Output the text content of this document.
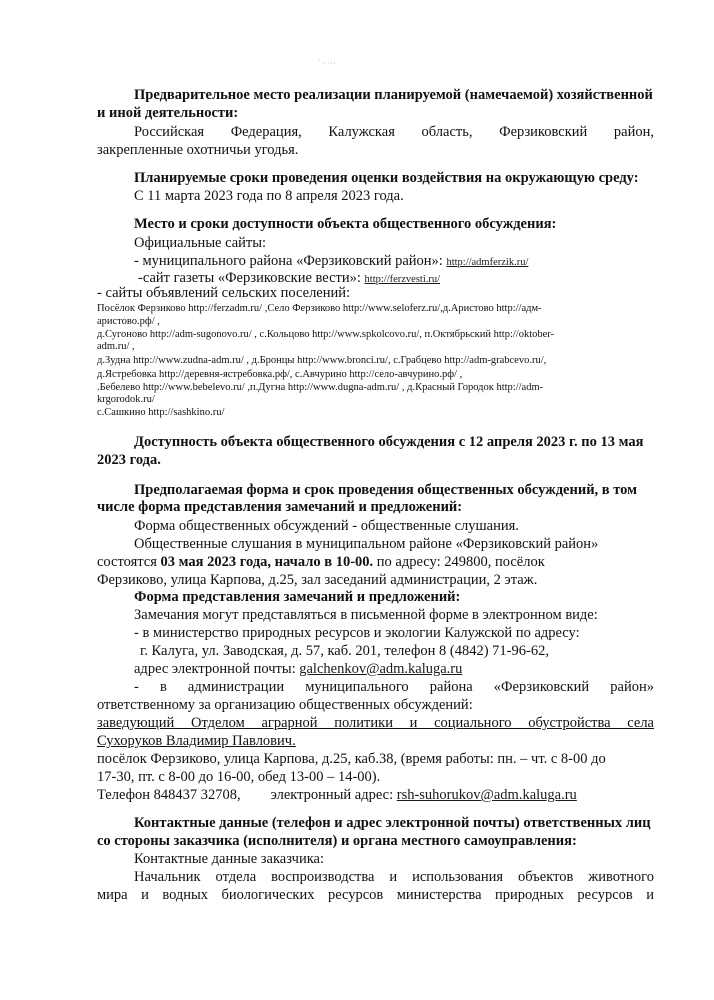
' · ···
Предварительное место реализации планируемой (намечаемой) хозяйственной
и иной деятельности:
Российская Федерация, Калужская область, Ферзиковский район,
закрепленные охотничьи угодья.
Планируемые сроки проведения оценки воздействия на окружающую среду:
С 11 марта 2023 года по 8 апреля 2023 года.
Место и сроки доступности объекта общественного обсуждения:
Официальные сайты:
- муниципального района «Ферзиковский район»: http://admferzik.ru/
-сайт газеты «Ферзиковские вести»: http://ferzvesti.ru/
- сайты объявлений сельских поселений:
Посёлок Ферзиково http://ferzadm.ru/ ,Село Ферзиково http://www.seloferz.ru/,д.Аристово http://адм-
аристово.рф/ ,
д.Сугоново http://adm-sugonovo.ru/ , с.Кольцово http://www.spkolcovo.ru/, п.Октябрьский http://oktober-
adm.ru/ ,
д.Зудна http://www.zudna-adm.ru/ , д.Бронцы http://www.bronci.ru/, с.Грабцево http://adm-grabcevo.ru/,
д.Ястребовка http://деревня-ястребовка.рф/, с.Авчурино http://село-авчурино.рф/ ,
.Бебелево http://www.bebelevo.ru/ ,п.Дугна http://www.dugna-adm.ru/ , д.Красный Городок http://adm-
krgorodok.ru/
с.Сашкино http://sashkino.ru/
Доступность объекта общественного обсуждения с 12 апреля 2023 г. по 13 мая
2023 года.
Предполагаемая форма и срок проведения общественных обсуждений, в том
числе форма представления замечаний и предложений:
Форма общественных обсуждений - общественные слушания.
Общественные слушания в муниципальном районе «Ферзиковский район»
состоятся 03 мая 2023 года, начало в 10-00. по адресу: 249800, посёлок
Ферзиково, улица Карпова, д.25, зал заседаний администрации, 2 этаж.
Форма представления замечаний и предложений:
Замечания могут представляться в письменной форме в электронном виде:
- в министерство природных ресурсов и экологии Калужской по адресу:
г. Калуга, ул. Заводская, д. 57, каб. 201, телефон 8 (4842) 71-96-62,
адрес электронной почты: galchenkov@adm.kaluga.ru
- в администрации муниципального района «Ферзиковский район»
ответственному за организацию общественных обсуждений:
заведующий Отделом аграрной политики и социального обустройства села
Сухоруков Владимир Павлович.
посёлок Ферзиково, улица Карпова, д.25, каб.38, (время работы: пн. – чт. с 8-00 до
17-30, пт. с 8-00 до 16-00, обед 13-00 – 14-00).
Телефон 848437 32708, электронный адрес: rsh-suhorukov@adm.kaluga.ru
Контактные данные (телефон и адрес электронной почты) ответственных лиц
со стороны заказчика (исполнителя) и органа местного самоуправления:
Контактные данные заказчика:
Начальник отдела воспроизводства и использования объектов животного
мира и водных биологических ресурсов министерства природных ресурсов и
